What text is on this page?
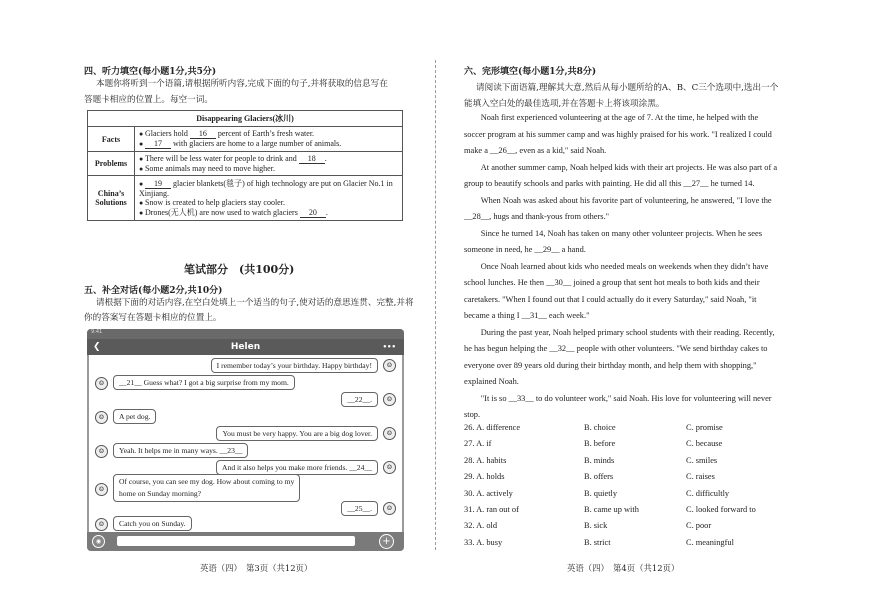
四、听力填空(每小题1分,共5分)
本题你将听到一个语篇,请根据所听内容,完成下面的句子,并将获取的信息写在
答题卡相应的位置上。每空一词。
Disappearing Glaciers(冰川)	
Facts	● Glaciers hold 16 percent of Earth’s fresh water.
● 17 with glaciers are home to a large number of animals.

Problems	● There will be less water for people to drink and 18 .
● Some animals may need to move higher.

China’s Solutions	● 19 glacier blankets(毯子) of high technology are put on Glacier No.1 in Xinjiang.
● Snow is created to help glaciers stay cooler.
● Drones(无人机) are now used to watch glaciers 20 .
笔试部分　(共100分)
五、补全对话(每小题2分,共10分)
请根据下面的对话内容,在空白处填上一个适当的句子,使对话的意思连贯、完整,并将
你的答案写在答题卡相应的位置上。
9:41
❮	Helen	•••
I remember today’s your birthday. Happy birthday!	☺
☺	__21__ Guess what? I got a big surprise from my mom.
__22__.	☺
☺	A pet dog.
You must be very happy. You are a big dog lover.	☺
☺	Yeah. It helps me in many ways. __23__
And it also helps you make more friends. __24__	☺
☺
Of course, you can see my dog. How about coming to my
home on Sunday morning?
__25__.	☺
☺	Catch you on Sunday.
◉	+
英语（四）　第3页（共12页）
六、完形填空(每小题1分,共8分)
请阅读下面语篇,理解其大意,然后从每小题所给的A、B、C三个选项中,选出一个
能填入空白处的最佳选项,并在答题卡上将该项涂黑。
　　Noah first experienced volunteering at the age of 7. At the time, he helped with the
soccer program at his summer camp and was highly praised for his work. "I realized I could
make a __26__, even as a kid," said Noah.
　　At another summer camp, Noah helped kids with their art projects. He was also part of a
group to beautify schools and parks with painting. He did all this __27__ he turned 14.
　　When Noah was asked about his favorite part of volunteering, he answered, "I love the
__28__, hugs and thank-yous from others."
　　Since he turned 14, Noah has taken on many other volunteer projects. When he sees
someone in need, he __29__ a hand.
　　Once Noah learned about kids who needed meals on weekends when they didn’t have
school lunches. He then __30__ joined a group that sent hot meals to both kids and their
caretakers. "When I found out that I could actually do it every Saturday," said Noah, "it
became a thing I __31__ each week."
　　During the past year, Noah helped primary school students with their reading. Recently,
he has begun helping the __32__ people with other volunteers. "We send birthday cakes to
everyone over 89 years old during their birthday month, and help them with shopping,"
explained Noah.
　　"It is so __33__ to do volunteer work," said Noah. His love for volunteering will never
stop.
26. A. difference	B. choice	C. promise
27. A. if	B. before	C. because
28. A. habits	B. minds	C. smiles
29. A. holds	B. offers	C. raises
30. A. actively	B. quietly	C. difficultly
31. A. ran out of	B. came up with	C. looked forward to
32. A. old	B. sick	C. poor
33. A. busy	B. strict	C. meaningful
英语（四）　第4页（共12页）
